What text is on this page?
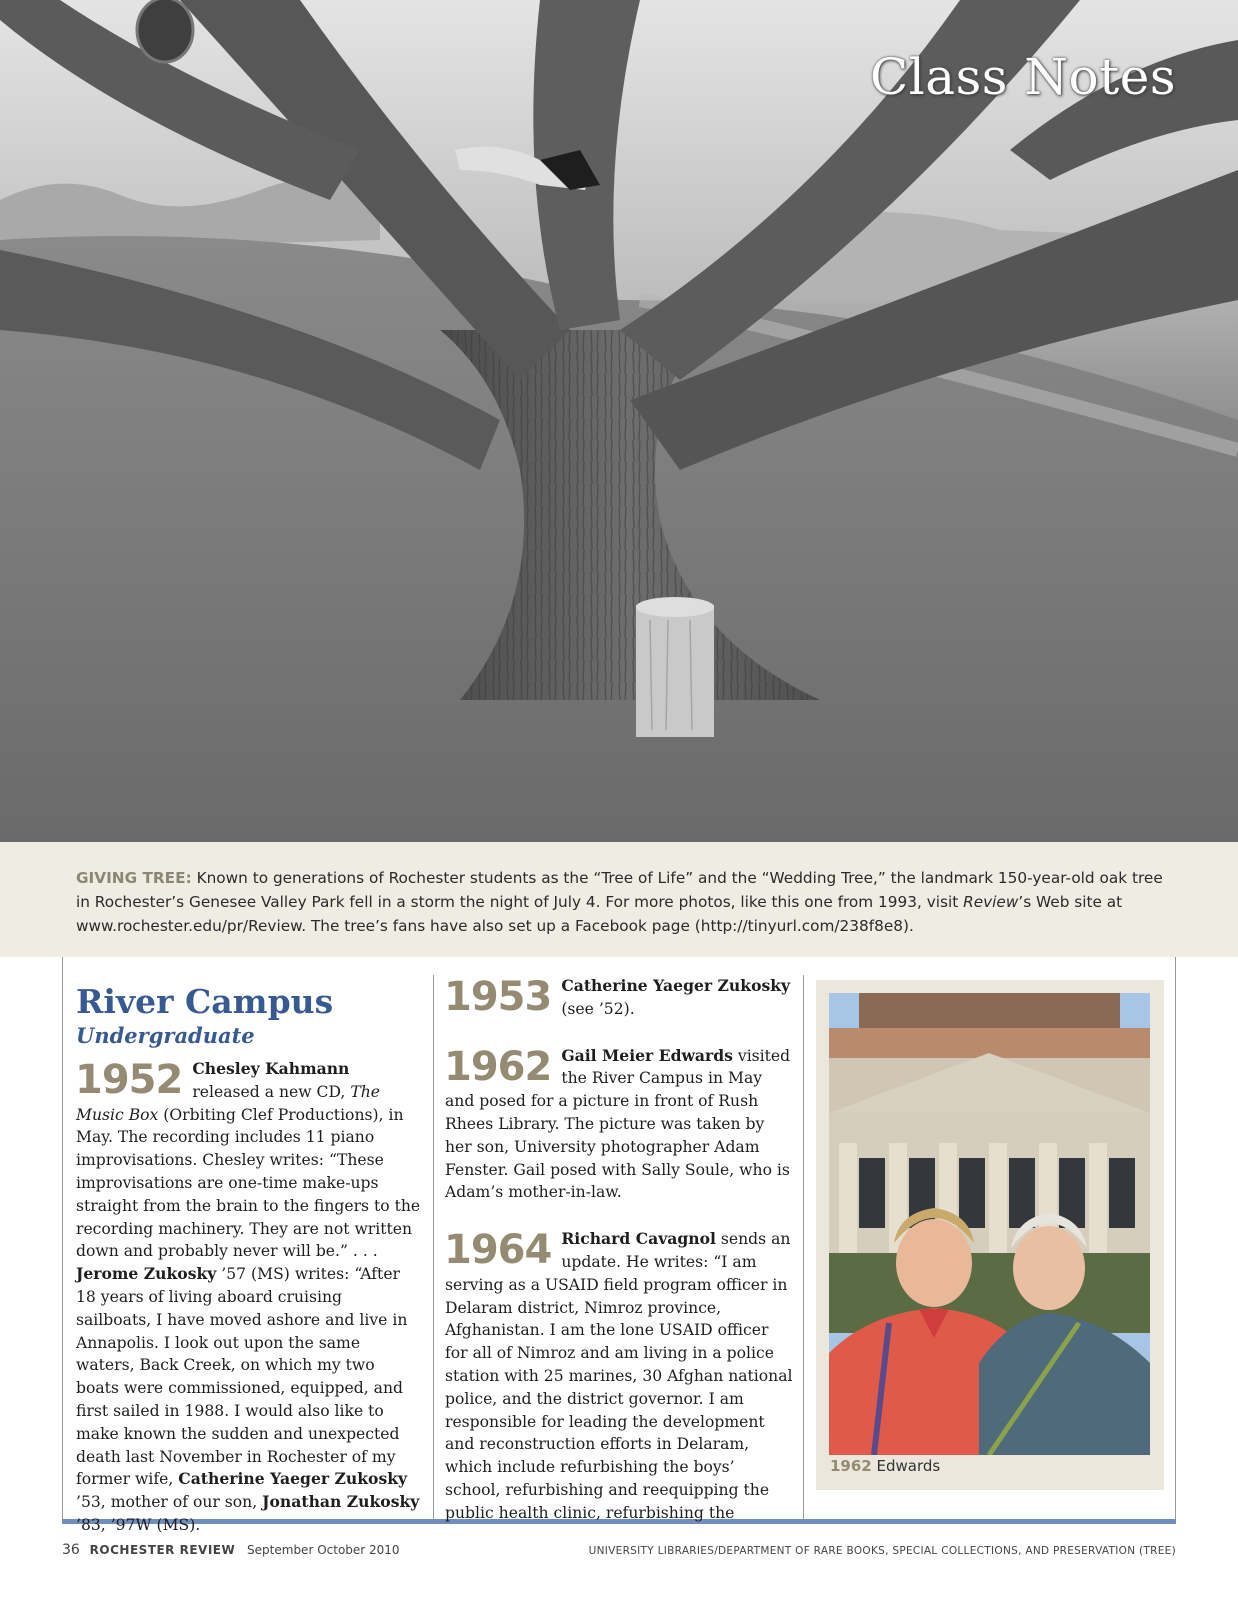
Class Notes

GIVING TREE: Known to generations of Rochester students as the “Tree of Life” and the “Wedding Tree,” the landmark 150-year-old oak tree in Rochester’s Genesee Valley Park fell in a storm the night of July 4. For more photos, like this one from 1993, visit Review’s Web site at www.rochester.edu/pr/Review. The tree’s fans have also set up a Facebook page (http://tinyurl.com/238f8e8).

River Campus
Undergraduate
1952 Chesley Kahmann released a new CD, The Music Box (Orbiting Clef Productions), in May. The recording includes 11 piano improvisations. Chesley writes: “These improvisations are one-time make-ups straight from the brain to the fingers to the recording machinery. They are not written down and probably never will be.” . . . Jerome Zukosky ’57 (MS) writes: “After 18 years of living aboard cruising sailboats, I have moved ashore and live in Annapolis. I look out upon the same waters, Back Creek, on which my two boats were commissioned, equipped, and first sailed in 1988. I would also like to make known the sudden and unexpected death last November in Rochester of my former wife, Catherine Yaeger Zukosky ’53, mother of our son, Jonathan Zukosky ’83, ’97W (MS).

1953 Catherine Yaeger Zukosky (see ’52).

1962 Gail Meier Edwards visited the River Campus in May and posed for a picture in front of Rush Rhees Library. The picture was taken by her son, University photographer Adam Fenster. Gail posed with Sally Soule, who is Adam’s mother-in-law.

1964 Richard Cavagnol sends an update. He writes: “I am serving as a USAID field program officer in Delaram district, Nimroz province, Afghanistan. I am the lone USAID officer for all of Nimroz and am living in a police station with 25 marines, 30 Afghan national police, and the district governor. I am responsible for leading the development and reconstruction efforts in Delaram, which include refurbishing the boys’ school, refurbishing and reequipping the public health clinic, refurbishing the

1962 Edwards
36 ROCHESTER REVIEW September October 2010	UNIVERSITY LIBRARIES/DEPARTMENT OF RARE BOOKS, SPECIAL COLLECTIONS, AND PRESERVATION (TREE)
